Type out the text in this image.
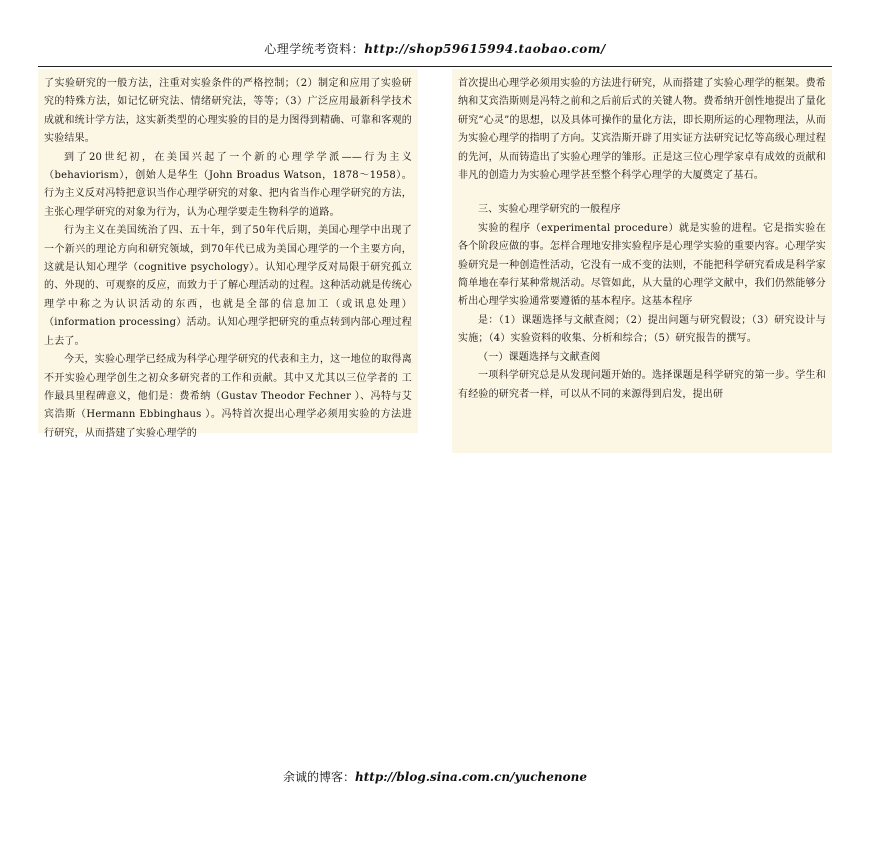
心理学统考资料：http://shop59615994.taobao.com/

了实验研究的一般方法，注重对实验条件的严格控制；（2）制定和应用了实验研究的特殊方法，如记忆研究法、情绪研究法，等等；（3）广泛应用最新科学技术成就和统计学方法，这实新类型的心理实验的目的是力图得到精确、可靠和客观的实验结果。

到了20世纪初，在美国兴起了一个新的心理学学派——行为主义（behaviorism），创始人是华生（John Broadus Watson，1878～1958）。行为主义反对冯特把意识当作心理学研究的对象、把内省当作心理学研究的方法，主张心理学研究的对象为行为，认为心理学要走生物科学的道路。

行为主义在美国统治了四、五十年，到了50年代后期，美国心理学中出现了一个新兴的理论方向和研究领域，到70年代已成为美国心理学的一个主要方向，这就是认知心理学（cognitive psychology）。认知心理学反对局限于研究孤立的、外现的、可观察的反应，而致力于了解心理活动的过程。这种活动就是传统心理学中称之为认识活动的东西，也就是全部的信息加工（或讯息处理）（information processing）活动。认知心理学把研究的重点转到内部心理过程上去了。

今天，实验心理学已经成为科学心理学研究的代表和主力，这一地位的取得离不开实验心理学创生之初众多研究者的工作和贡献。其中又尤其以三位学者的 工作最具里程碑意义，他们是：费希纳（Gustav Theodor Fechner ）、冯特与艾宾浩斯（Hermann Ebbinghaus ）。冯特首次提出心理学必须用实验的方法进行研究，从而搭建了实验心理学的

首次提出心理学必须用实验的方法进行研究，从而搭建了实验心理学的框架。费希纳和艾宾浩斯则是冯特之前和之后前后式的关键人物。费希纳开创性地提出了量化研究“心灵”的思想，以及具体可操作的量化方法，即长期所运的心理物理法，从而为实验心理学的指明了方向。艾宾浩斯开辟了用实证方法研究记忆等高级心理过程的先河，从而铸造出了实验心理学的雏形。正是这三位心理学家卓有成效的贡献和非凡的创造力为实验心理学甚至整个科学心理学的大厦奠定了基石。

三、实验心理学研究的一般程序

实验的程序（experimental procedure）就是实验的进程。它是指实验在各个阶段应做的事。怎样合理地安排实验程序是心理学实验的重要内容。心理学实验研究是一种创造性活动，它没有一成不变的法则，不能把科学研究看成是科学家简单地在奉行某种常规活动。尽管如此，从大量的心理学文献中，我们仍然能够分析出心理学实验通常要遵循的基本程序。这基本程序

是：（1）课题选择与文献查阅；（2）提出问题与研究假设；（3）研究设计与实施；（4）实验资料的收集、分析和综合；（5）研究报告的撰写。

（一）课题选择与文献查阅

一项科学研究总是从发现问题开始的。选择课题是科学研究的第一步。学生和有经验的研究者一样，可以从不同的来源得到启发，提出研

余诚的博客：http://blog.sina.com.cn/yuchenone
